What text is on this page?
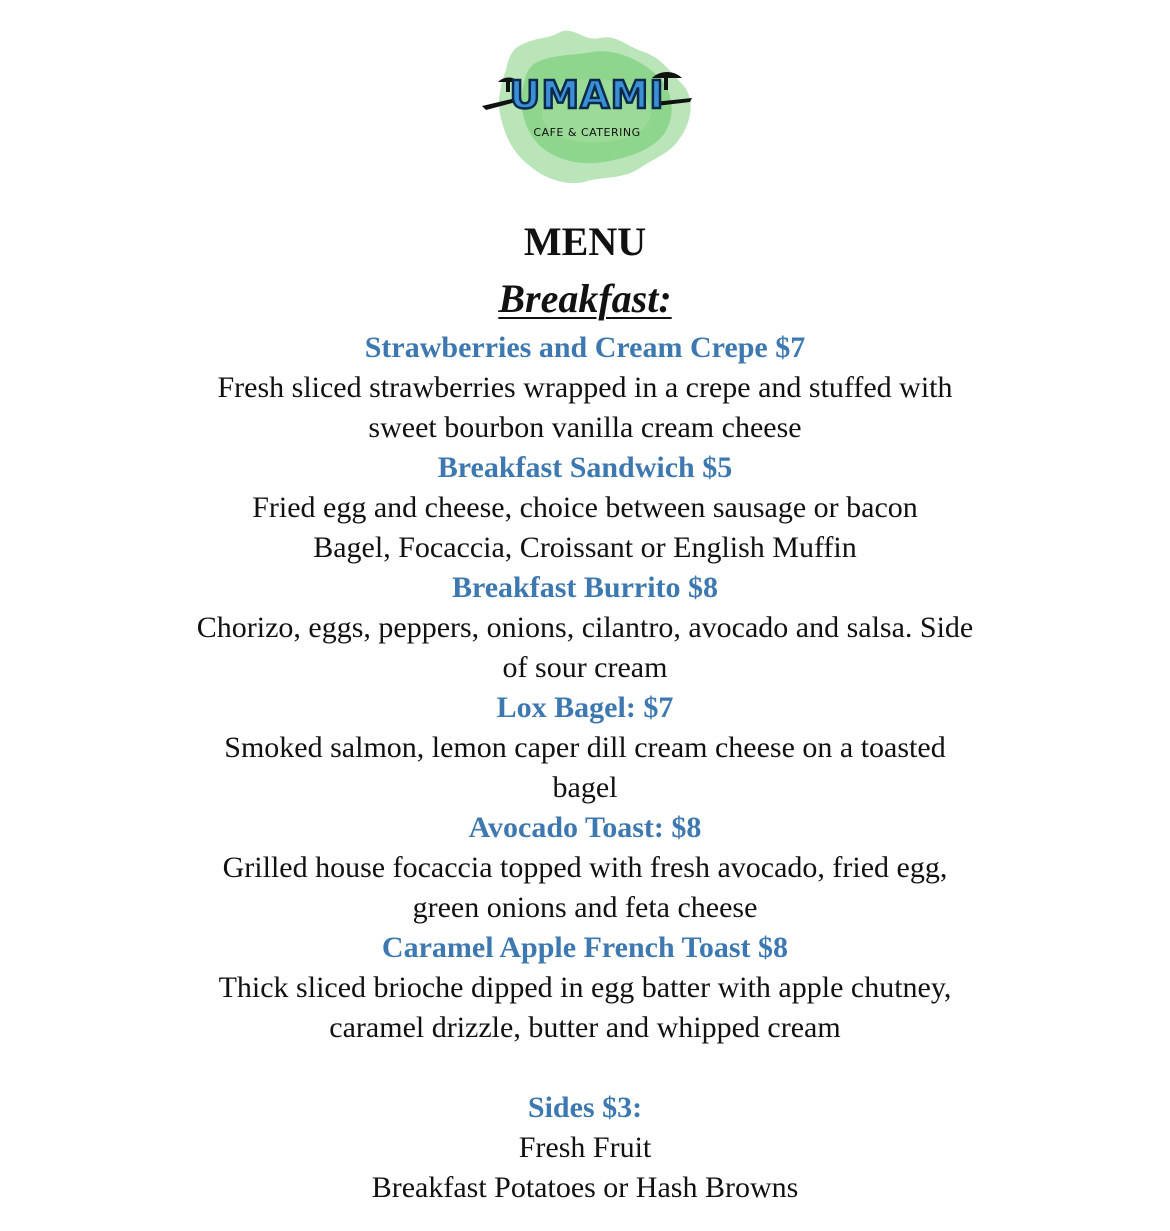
UMAMI
CAFE & CATERING
MENU
Breakfast:

Strawberries and Cream Crepe $7

Fresh sliced strawberries wrapped in a crepe and stuffed with

sweet bourbon vanilla cream cheese

Breakfast Sandwich $5

Fried egg and cheese, choice between sausage or bacon

Bagel, Focaccia, Croissant or English Muffin

Breakfast Burrito $8

Chorizo, eggs, peppers, onions, cilantro, avocado and salsa. Side

of sour cream

Lox Bagel: $7

Smoked salmon, lemon caper dill cream cheese on a toasted

bagel

Avocado Toast: $8

Grilled house focaccia topped with fresh avocado, fried egg,

green onions and feta cheese

Caramel Apple French Toast $8

Thick sliced brioche dipped in egg batter with apple chutney,

caramel drizzle, butter and whipped cream

Sides $3:

Fresh Fruit

Breakfast Potatoes or Hash Browns
